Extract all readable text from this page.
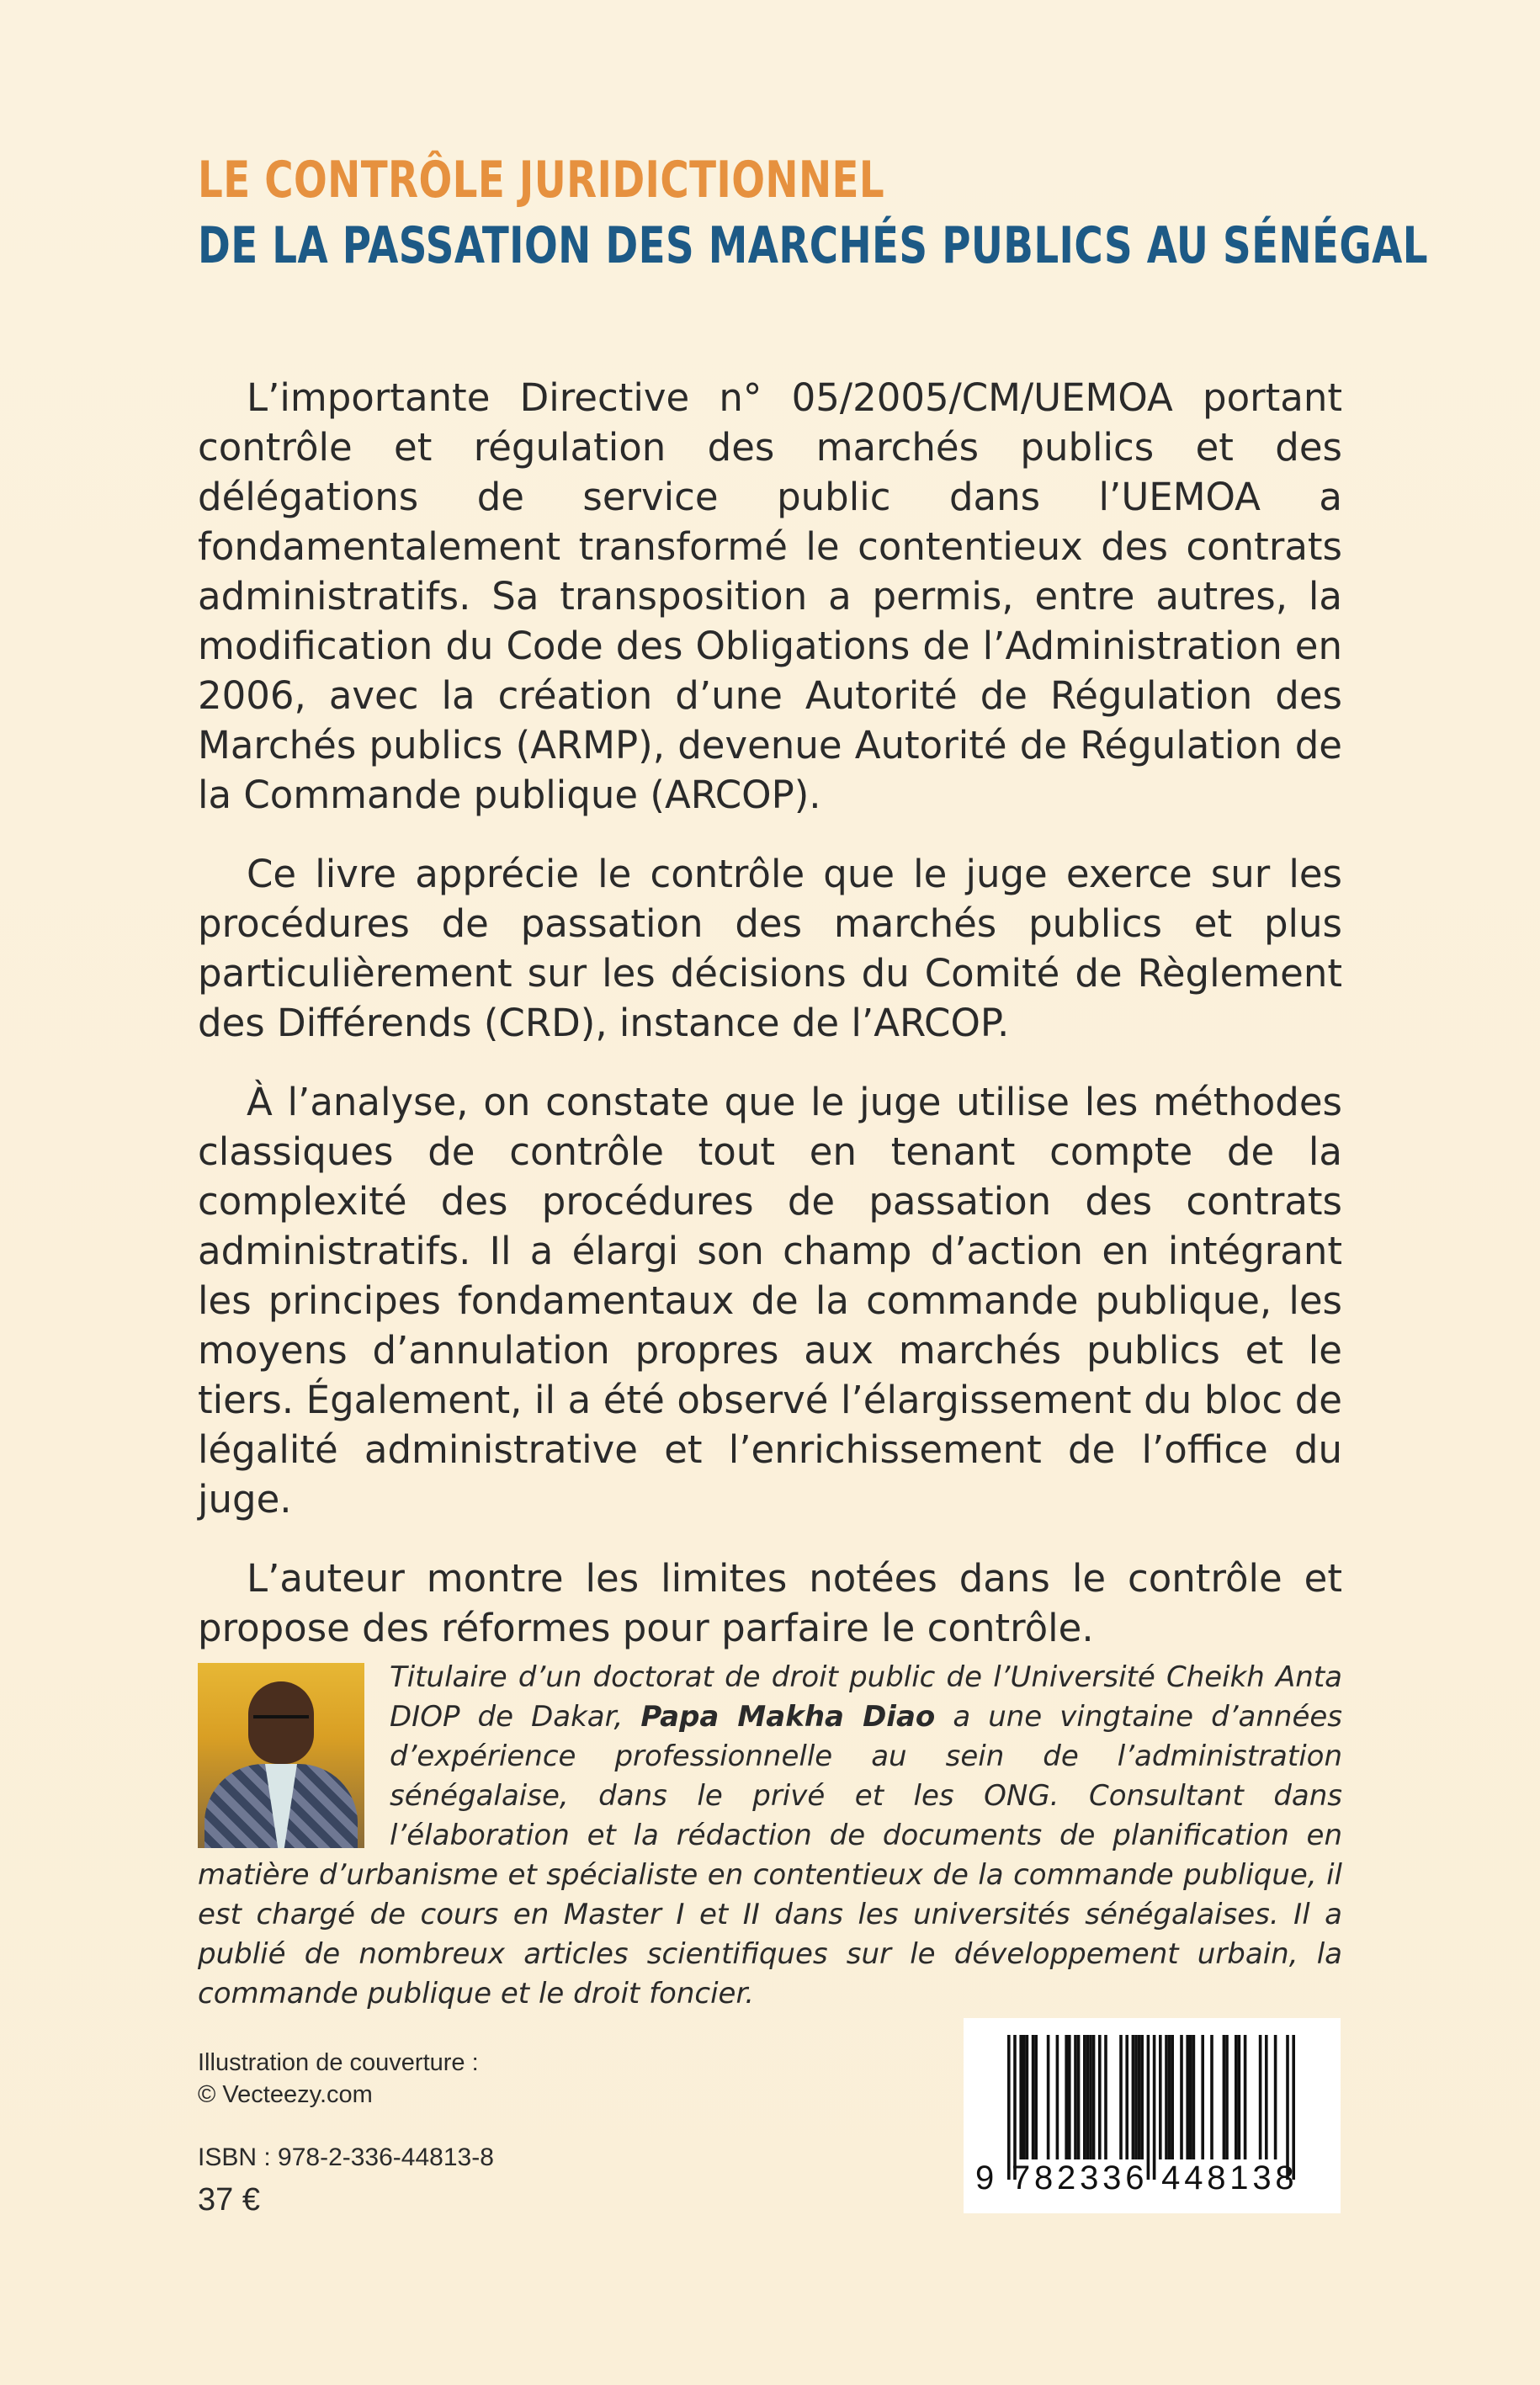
LE CONTRÔLE JURIDICTIONNEL
DE LA PASSATION DES MARCHÉS PUBLICS AU SÉNÉGAL

L’importante Directive n° 05/2005/CM/UEMOA portant contrôle et régulation des marchés publics et des délégations de service public dans l’UEMOA a fondamentalement transformé le contentieux des contrats administratifs. Sa transposition a permis, entre autres, la modification du Code des Obligations de l’Administration en 2006, avec la création d’une Autorité de Régulation des Marchés publics (ARMP), devenue Autorité de Régulation de la Commande publique (ARCOP).

Ce livre apprécie le contrôle que le juge exerce sur les procédures de passation des marchés publics et plus particulièrement sur les décisions du Comité de Règlement des Différends (CRD), instance de l’ARCOP.

À l’analyse, on constate que le juge utilise les méthodes classiques de contrôle tout en tenant compte de la complexité des procédures de passation des contrats administratifs. Il a élargi son champ d’action en intégrant les principes fondamentaux de la commande publique, les moyens d’annulation propres aux marchés publics et le tiers. Également, il a été observé l’élargissement du bloc de légalité administrative et l’enrichissement de l’office du juge.

L’auteur montre les limites notées dans le contrôle et propose des réformes pour parfaire le contrôle.

Titulaire d’un doctorat de droit public de l’Université Cheikh Anta DIOP de Dakar, Papa Makha Diao a une vingtaine d’années d’expérience professionnelle au sein de l’administration sénégalaise, dans le privé et les ONG. Consultant dans l’élaboration et la rédaction de documents de planification en matière d’urbanisme et spécialiste en contentieux de la commande publique, il est chargé de cours en Master I et II dans les universités sénégalaises. Il a publié de nombreux articles scientifiques sur le développement urbain, la commande publique et le droit foncier.
Illustration de couverture :
© Vecteezy.com
ISBN : 978-2-336-44813-8
37 €
9 782336 448138
